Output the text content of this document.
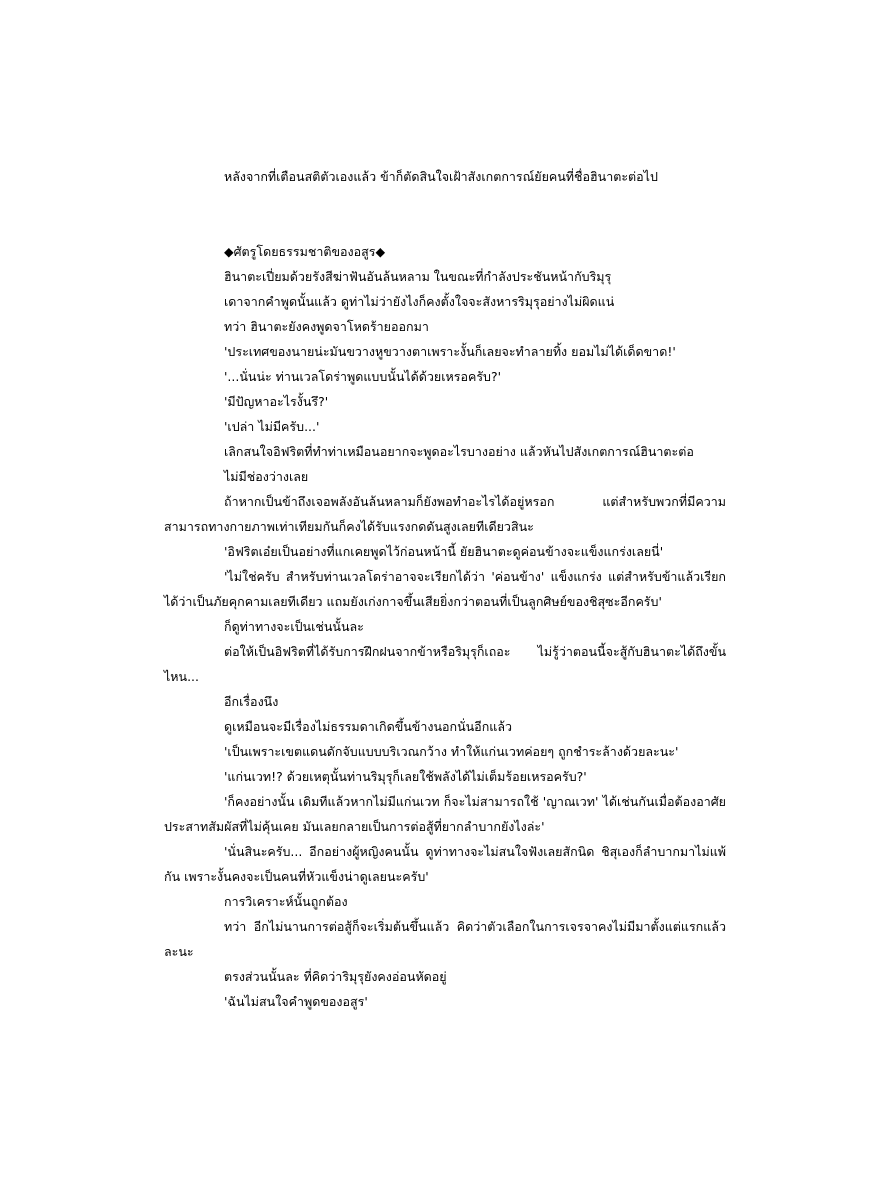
หลังจากที่เตือนสติตัวเองแล้ว ข้าก็ตัดสินใจเฝ้าสังเกตการณ์ยัยคนที่ชื่อฮินาตะต่อไป

◆ศัตรูโดยธรรมชาติของอสูร◆

ฮินาตะเปี่ยมด้วยรังสีฆ่าฟันอันล้นหลาม ในขณะที่กำลังประชันหน้ากับริมุรุ

เดาจากคำพูดนั้นแล้ว ดูท่าไม่ว่ายังไงก็คงตั้งใจจะสังหารริมุรุอย่างไม่ผิดแน่

ทว่า ฮินาตะยังคงพูดจาโหดร้ายออกมา

'ประเทศของนายน่ะมันขวางหูขวางตาเพราะงั้นก็เลยจะทำลายทิ้ง ยอมไม่ได้เด็ดขาด!'

'...นั่นน่ะ ท่านเวลโดร่าพูดแบบนั้นได้ด้วยเหรอครับ?'

'มีปัญหาอะไรงั้นรึ?'

'เปล่า ไม่มีครับ...'

เลิกสนใจอิฟริตที่ทำท่าเหมือนอยากจะพูดอะไรบางอย่าง แล้วหันไปสังเกตการณ์ฮินาตะต่อ

ไม่มีช่องว่างเลย

ถ้าหากเป็นข้าถึงเจอพลังอันล้นหลามก็ยังพอทำอะไรได้อยู่หรอก แต่สำหรับพวกที่มีความสามารถทางกายภาพเท่าเทียมกันก็คงได้รับแรงกดดันสูงเลยทีเดียวสินะ

'อิฟริตเอ๋ยเป็นอย่างที่แกเคยพูดไว้ก่อนหน้านี้ ยัยฮินาตะดูค่อนข้างจะแข็งแกร่งเลยนี่'

'ไม่ใช่ครับ สำหรับท่านเวลโดร่าอาจจะเรียกได้ว่า 'ค่อนข้าง' แข็งแกร่ง แต่สำหรับข้าแล้วเรียกได้ว่าเป็นภัยคุกคามเลยทีเดียว แถมยังเก่งกาจขึ้นเสียยิ่งกว่าตอนที่เป็นลูกศิษย์ของชิสุซะอีกครับ'

ก็ดูท่าทางจะเป็นเช่นนั้นละ

ต่อให้เป็นอิฟริตที่ได้รับการฝึกฝนจากข้าหรือริมุรุก็เถอะ ไม่รู้ว่าตอนนี้จะสู้กับฮินาตะได้ถึงขั้นไหน...

อีกเรื่องนึง

ดูเหมือนจะมีเรื่องไม่ธรรมดาเกิดขึ้นข้างนอกนั่นอีกแล้ว

'เป็นเพราะเขตแดนดักจับแบบบริเวณกว้าง ทำให้แก่นเวทค่อยๆ ถูกชำระล้างด้วยละนะ'

'แก่นเวท!? ด้วยเหตุนั้นท่านริมุรุก็เลยใช้พลังได้ไม่เต็มร้อยเหรอครับ?'

'ก็คงอย่างนั้น เดิมทีแล้วหากไม่มีแก่นเวท ก็จะไม่สามารถใช้ 'ญาณเวท' ได้เช่นกันเมื่อต้องอาศัยประสาทสัมผัสที่ไม่คุ้นเคย มันเลยกลายเป็นการต่อสู้ที่ยากลำบากยังไงล่ะ'

'นั่นสินะครับ... อีกอย่างผู้หญิงคนนั้น ดูท่าทางจะไม่สนใจฟังเลยสักนิด ชิสุเองก็ลำบากมาไม่แพ้กัน เพราะงั้นคงจะเป็นคนที่หัวแข็งน่าดูเลยนะครับ'

การวิเคราะห์นั้นถูกต้อง

ทว่า อีกไม่นานการต่อสู้ก็จะเริ่มต้นขึ้นแล้ว คิดว่าตัวเลือกในการเจรจาคงไม่มีมาตั้งแต่แรกแล้วละนะ

ตรงส่วนนั้นละ ที่คิดว่าริมุรุยังคงอ่อนหัดอยู่

'ฉันไม่สนใจคำพูดของอสูร'
